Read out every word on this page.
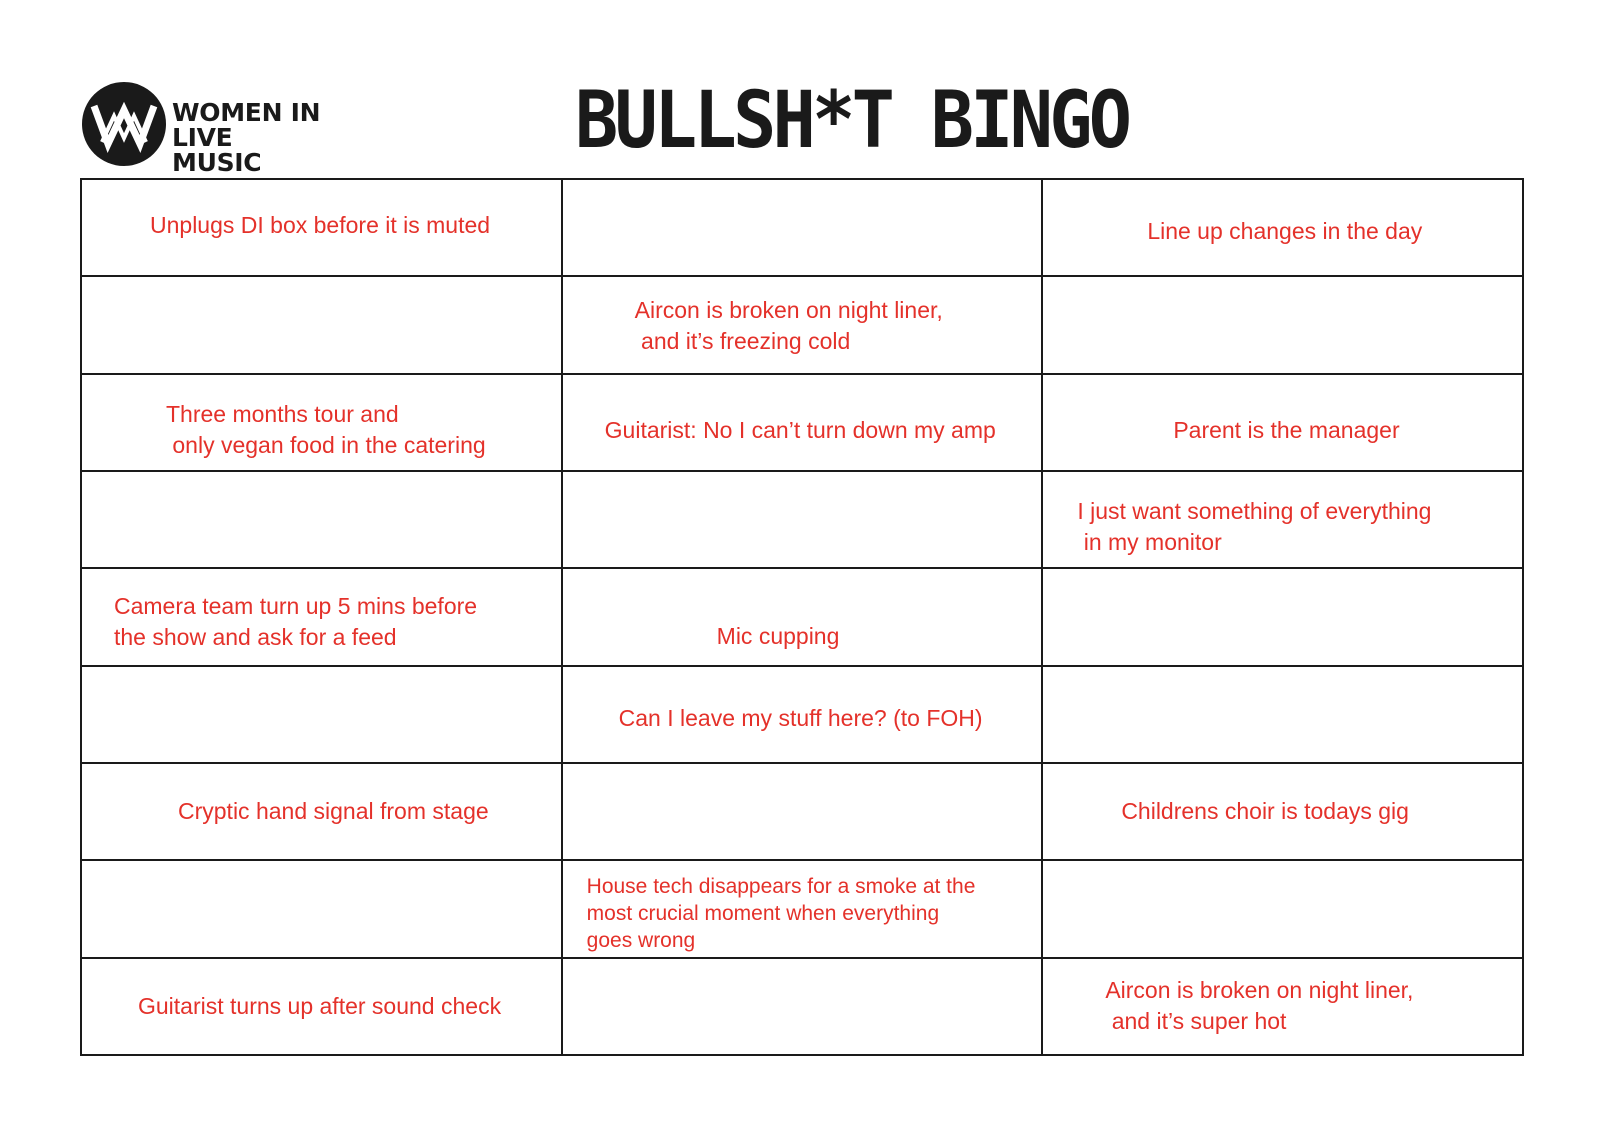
WOMEN IN LIVE
MUSIC	BULLSH*T BINGO
Unplugs DI box before it is muted		Line up changes in the day

	Aircon is broken on night liner,
and it’s freezing cold	

Three months tour and
only vegan food in the catering	Guitarist: No I can’t turn down my amp	Parent is the manager

		I just want something of everything
in my monitor

Camera team turn up 5 mins before
the show and ask for a feed	Mic cupping	

	Can I leave my stuff here? (to FOH)	

Cryptic hand signal from stage		Childrens choir is todays gig

	House tech disappears for a smoke at the
most crucial moment when everything
goes wrong	

Guitarist turns up after sound check		Aircon is broken on night liner,
and it’s super hot
